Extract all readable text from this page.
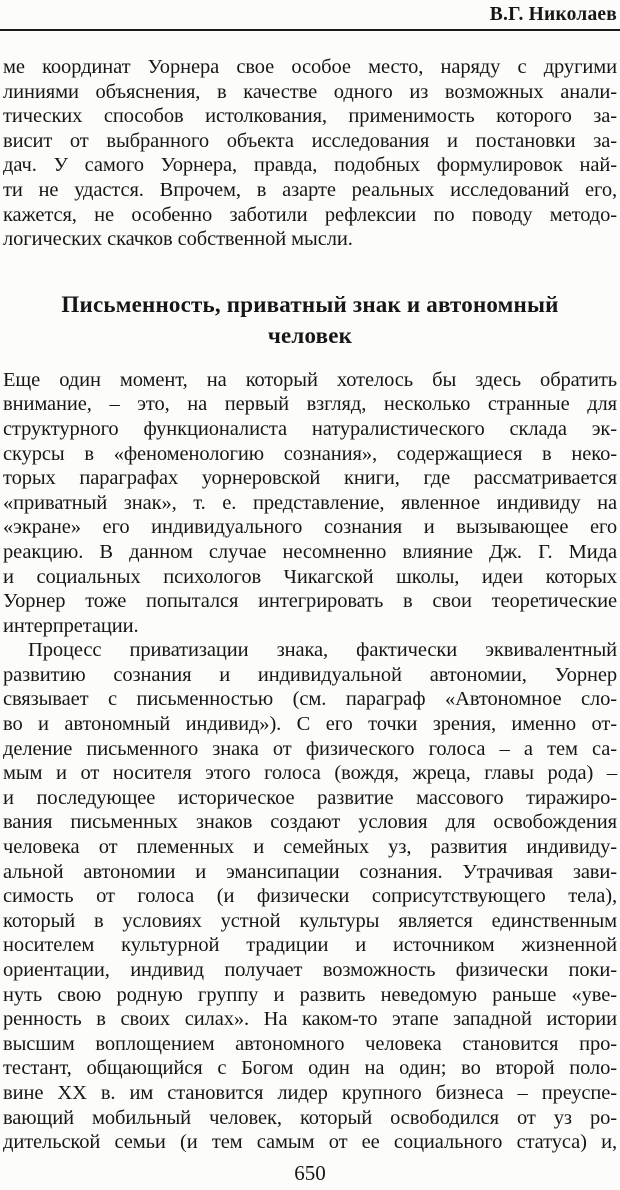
В.Г. Николаев
ме координат Уорнера свое особое место, наряду с другими
линиями объяснения, в качестве одного из возможных анали-
тических способов истолкования, применимость которого за-
висит от выбранного объекта исследования и постановки за-
дач. У самого Уорнера, правда, подобных формулировок най-
ти не удастся. Впрочем, в азарте реальных исследований его,
кажется, не особенно заботили рефлексии по поводу методо-
логических скачков собственной мысли.
Письменность, приватный знак и автономный
человек
Еще один момент, на который хотелось бы здесь обратить
внимание, – это, на первый взгляд, несколько странные для
структурного функционалиста натуралистического склада эк-
скурсы в «феноменологию сознания», содержащиеся в неко-
торых параграфах уорнеровской книги, где рассматривается
«приватный знак», т. е. представление, явленное индивиду на
«экране» его индивидуального сознания и вызывающее его
реакцию. В данном случае несомненно влияние Дж. Г. Мида
и социальных психологов Чикагской школы, идеи которых
Уорнер тоже попытался интегрировать в свои теоретические
интерпретации.
Процесс приватизации знака, фактически эквивалентный
развитию сознания и индивидуальной автономии, Уорнер
связывает с письменностью (см. параграф «Автономное сло-
во и автономный индивид»). С его точки зрения, именно от-
деление письменного знака от физического голоса – а тем са-
мым и от носителя этого голоса (вождя, жреца, главы рода) –
и последующее историческое развитие массового тиражиро-
вания письменных знаков создают условия для освобождения
человека от племенных и семейных уз, развития индивиду-
альной автономии и эмансипации сознания. Утрачивая зави-
симость от голоса (и физически соприсутствующего тела),
который в условиях устной культуры является единственным
носителем культурной традиции и источником жизненной
ориентации, индивид получает возможность физически поки-
нуть свою родную группу и развить неведомую раньше «уве-
ренность в своих силах». На каком-то этапе западной истории
высшим воплощением автономного человека становится про-
тестант, общающийся с Богом один на один; во второй поло-
вине XX в. им становится лидер крупного бизнеса – преуспе-
вающий мобильный человек, который освободился от уз ро-
дительской семьи (и тем самым от ее социального статуса) и,
650
